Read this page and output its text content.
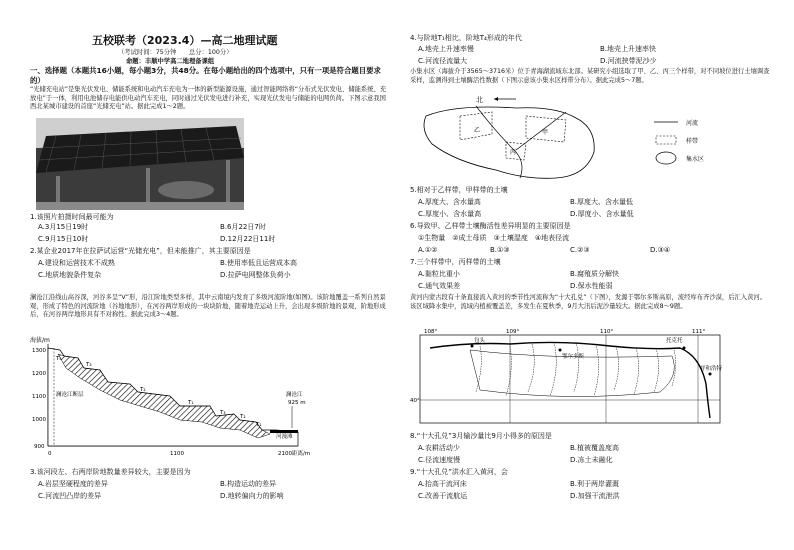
五校联考（2023.4）—高二地理试题
（考试时间：75分钟　　总分：100分）
命题：丰顺中学高二地理备课组
一、选择题（本题共16小题，每小题3分，共48分。在每小题给出的四个选项中，只有一项是符合题目要求的）
“光储充电站”是集光伏发电、储能系统和电动汽车充电为一体的新型能源设施，通过智能网络将“分布式光伏发电、储能系统、充放电”于一体，利用电池储存电能供电动汽车充电，同时通过光伏发电进行补充，实现光伏发电与储能的电网负荷。下图示意我国西北某城市建设的首座“光储充电”站。据此完成1～2题。
1.该照片拍摄时间最可能为
A.3月15日19时	B.6月22日7时
C.9月15日10时	D.12月22日11时
2.某企业2017年在拉萨试运营“光储充电”，但未能推广，其主要原因是
A.建设和运营技术不成熟	B.使用率低且运营成本高
C.地质地貌条件复杂	D.拉萨电网整体负荷小
澜沧江沿线山高谷深，河谷多呈“V”形，沿江阶地类型多样，其中云南境内发育了多级河流阶地(如图)。该阶地覆盖一系列自然景观，形成了特色的河流阶地（谷地地形），在河谷两岸形成的一块块阶地，随着地壳运动上升，会出现多级阶地的景观，阶地形成后，在河谷两岸地形具有不对称性。据此完成3～4题。
海拔/m
1300
1200
1100
1000
900
0	1100	2100 距离/m
T₄
T₃
T₂
T₁
T₃
T₂
T₁
澜沧江断层	澜沧江
925 m
河漫滩
3.该河段左、右两岸阶地数量差异较大，主要是因为
A.岩层坚硬程度的差异	B.构造运动的差异
C.河流凹凸岸的差异	D.地转偏向力的影响
4.与阶地T₁相比，阶地T₄形成的年代
A.地壳上升速率慢	B.地壳上升速率快
C.河流径流量大	D.河流挟带泥沙少
小集水区（海拔介于3565～3716米）位于青海湖流域东北部。某研究小组选取了甲、乙、丙三个样带，对不同坡位进行土壤调查采样，监测得到土壤酶活性数据（下图示意该小集水区样带分布）。据此完成5～7题。
北
乙	甲
丙
河流
样带
集水区
5.相对于乙样带，甲样带的土壤
A.厚度大、含水量高	B.厚度大、含水量低
C.厚度小、含水量高	D.厚度小、含水量低
6.导致甲、乙样带土壤酶活性差异明显的主要原因是
①生物量　②成土母质　③土壤湿度　④地表径流
A.①②	B.①③	C.②③	D.③④
7.三个样带中，丙样带的土壤
A.黏粒比重小	B.腐殖质分解快
C.通气效果差	D.保水性能弱
黄河内蒙古段有十条直接流入黄河的季节性河流称为“十大孔兑”（下图），发源于鄂尔多斯高原，流经库布齐沙漠，后汇入黄河。该区域降水集中，流域内植被覆盖差，多发生在夏秋季，9月大汛后泥沙量较大。据此完成8～9题。
108°	109°	110°	111°
40°
包头
鄂尔多斯
托克托
呼和浩特
8.“十大孔兑”3月输沙量比9月小得多的原因是
A.农耕活动少	B.植被覆盖度高
C.径流速度慢	D.冻土未融化
9.“十大孔兑”洪水汇入黄河，会
A.抬高干流河床	B.利于两岸灌溉
C.改善干流航运	D.加强干流泄洪
